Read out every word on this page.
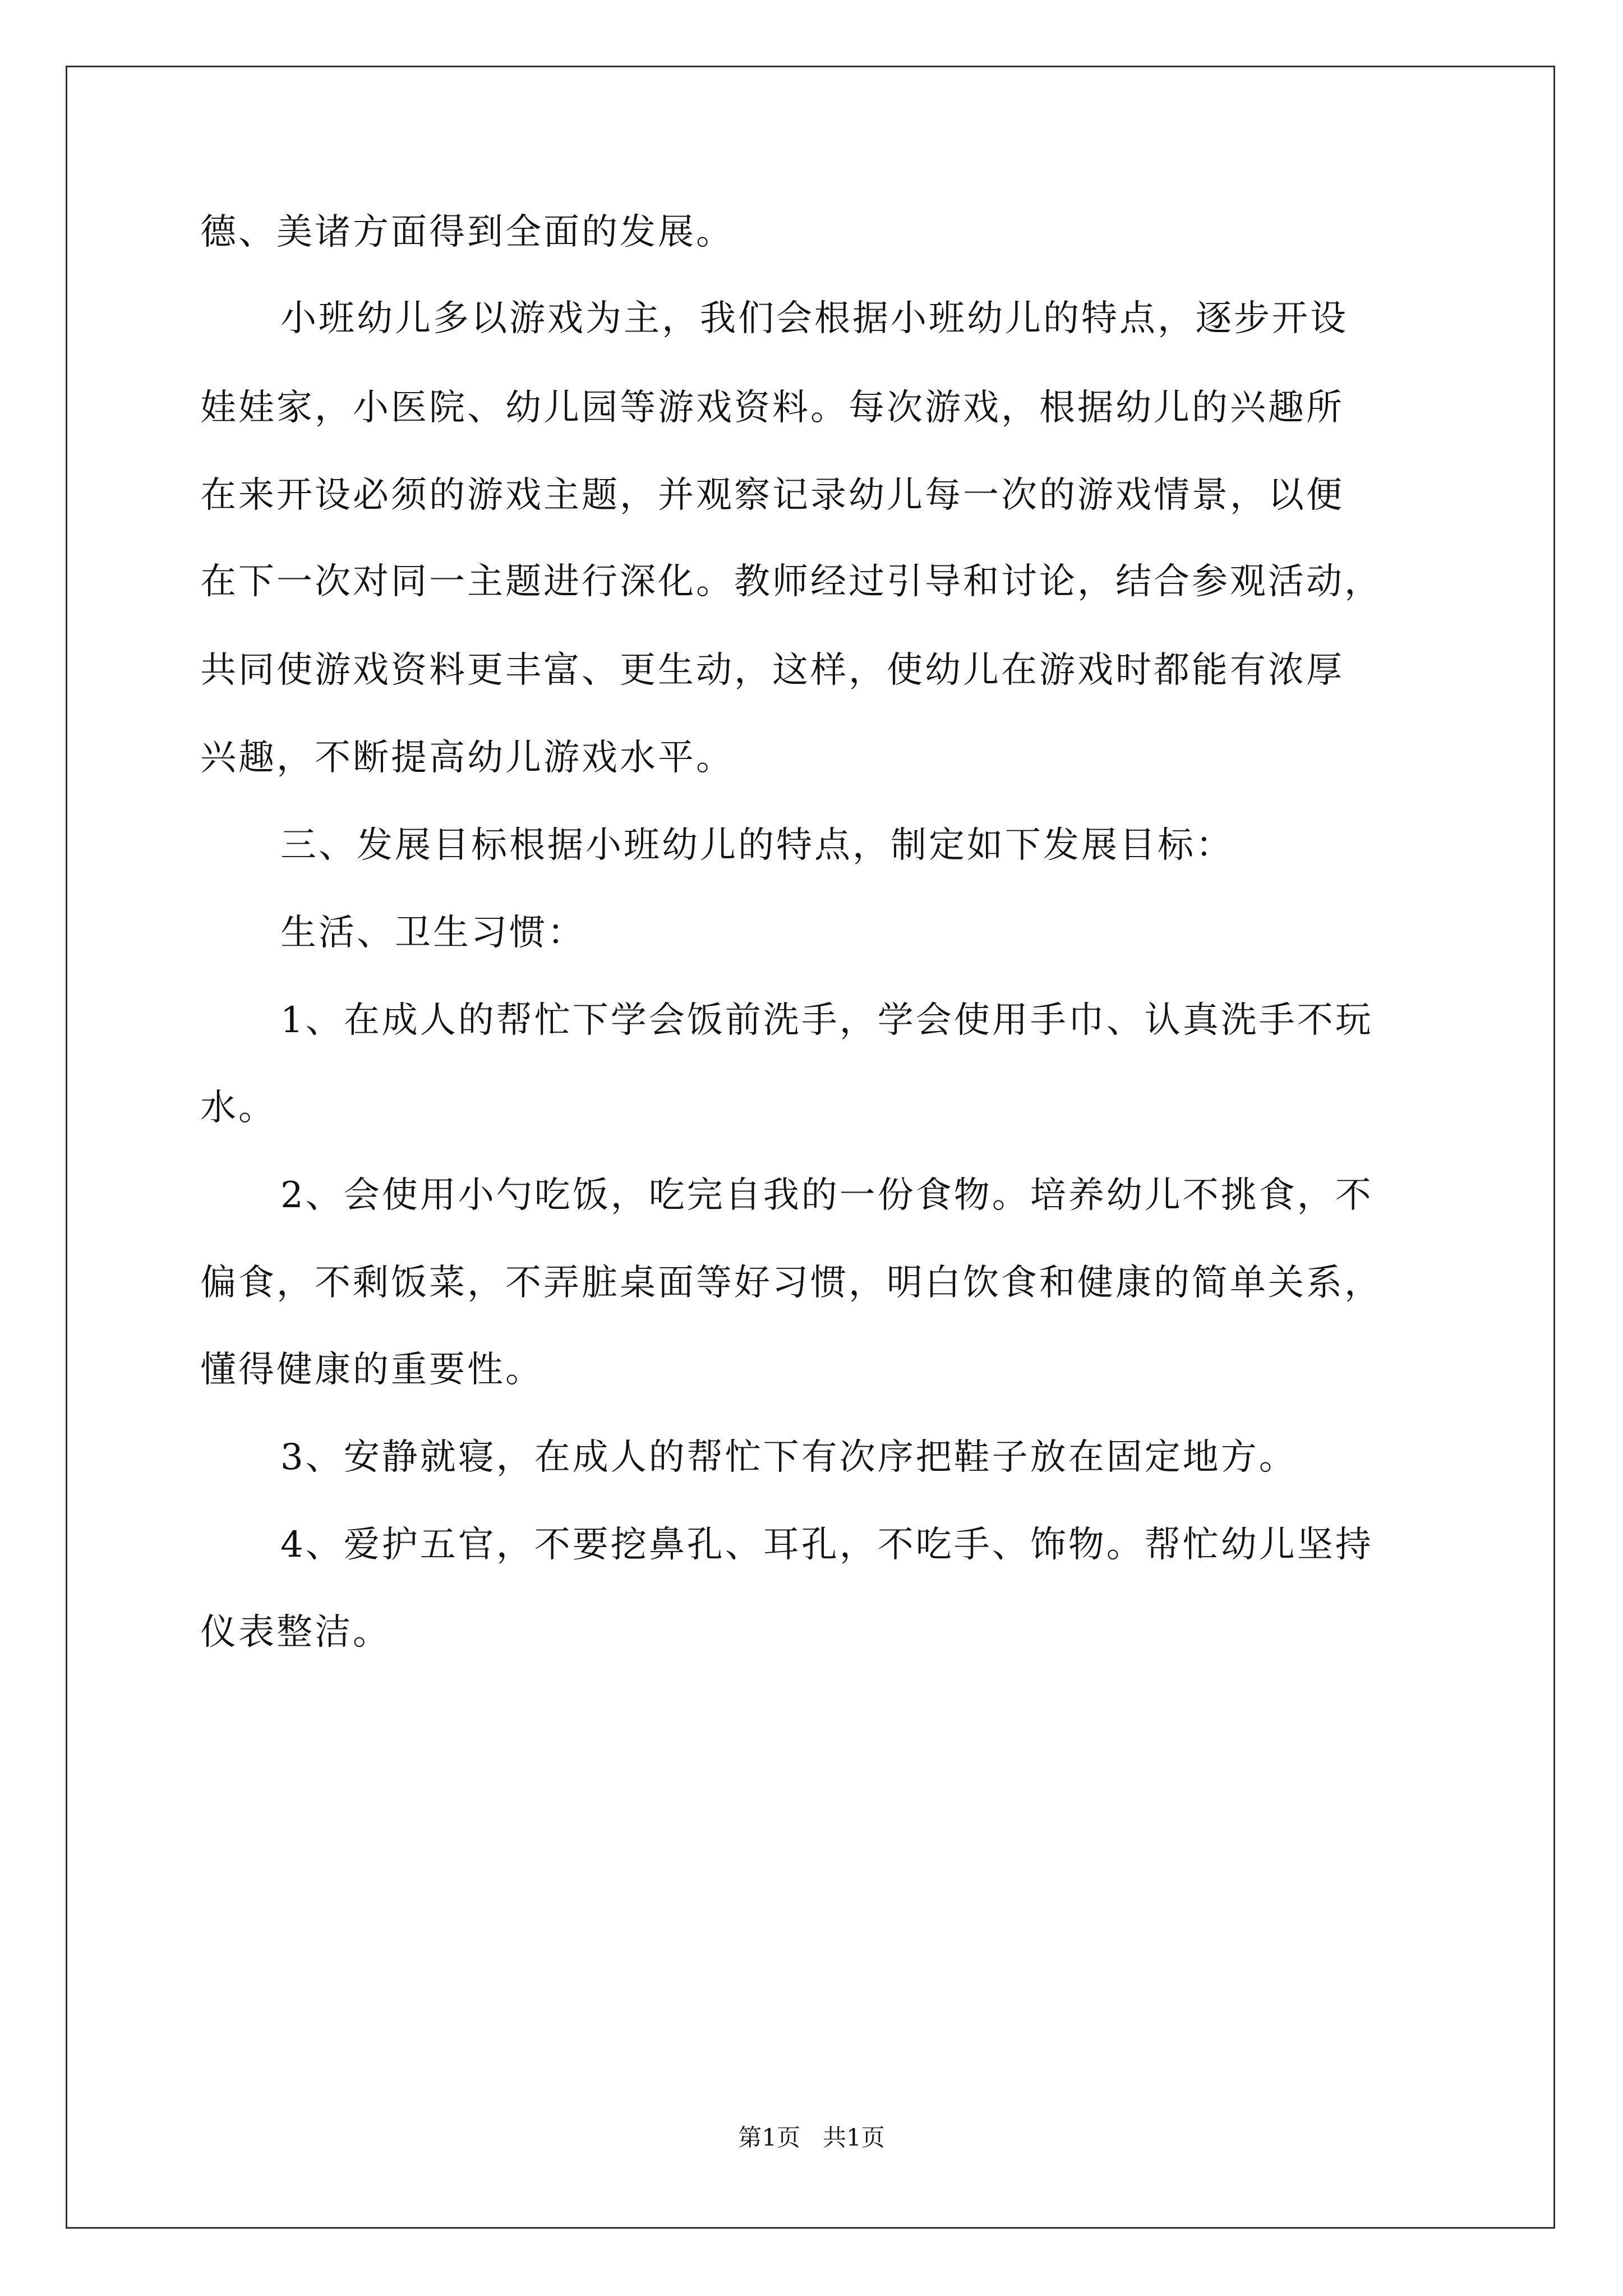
德、美诸方面得到全面的发展。
小班幼儿多以游戏为主，我们会根据小班幼儿的特点，逐步开设
娃娃家，小医院、幼儿园等游戏资料。每次游戏，根据幼儿的兴趣所
在来开设必须的游戏主题，并观察记录幼儿每一次的游戏情景，以便
在下一次对同一主题进行深化。教师经过引导和讨论，结合参观活动，
共同使游戏资料更丰富、更生动，这样，使幼儿在游戏时都能有浓厚
兴趣，不断提高幼儿游戏水平。
三、发展目标根据小班幼儿的特点，制定如下发展目标：
生活、卫生习惯：
1、在成人的帮忙下学会饭前洗手，学会使用手巾、认真洗手不玩
水。
2、会使用小勺吃饭，吃完自我的一份食物。培养幼儿不挑食，不
偏食，不剩饭菜，不弄脏桌面等好习惯，明白饮食和健康的简单关系，
懂得健康的重要性。
3、安静就寝，在成人的帮忙下有次序把鞋子放在固定地方。
4、爱护五官，不要挖鼻孔、耳孔，不吃手、饰物。帮忙幼儿坚持
仪表整洁。
第1页   共1页
